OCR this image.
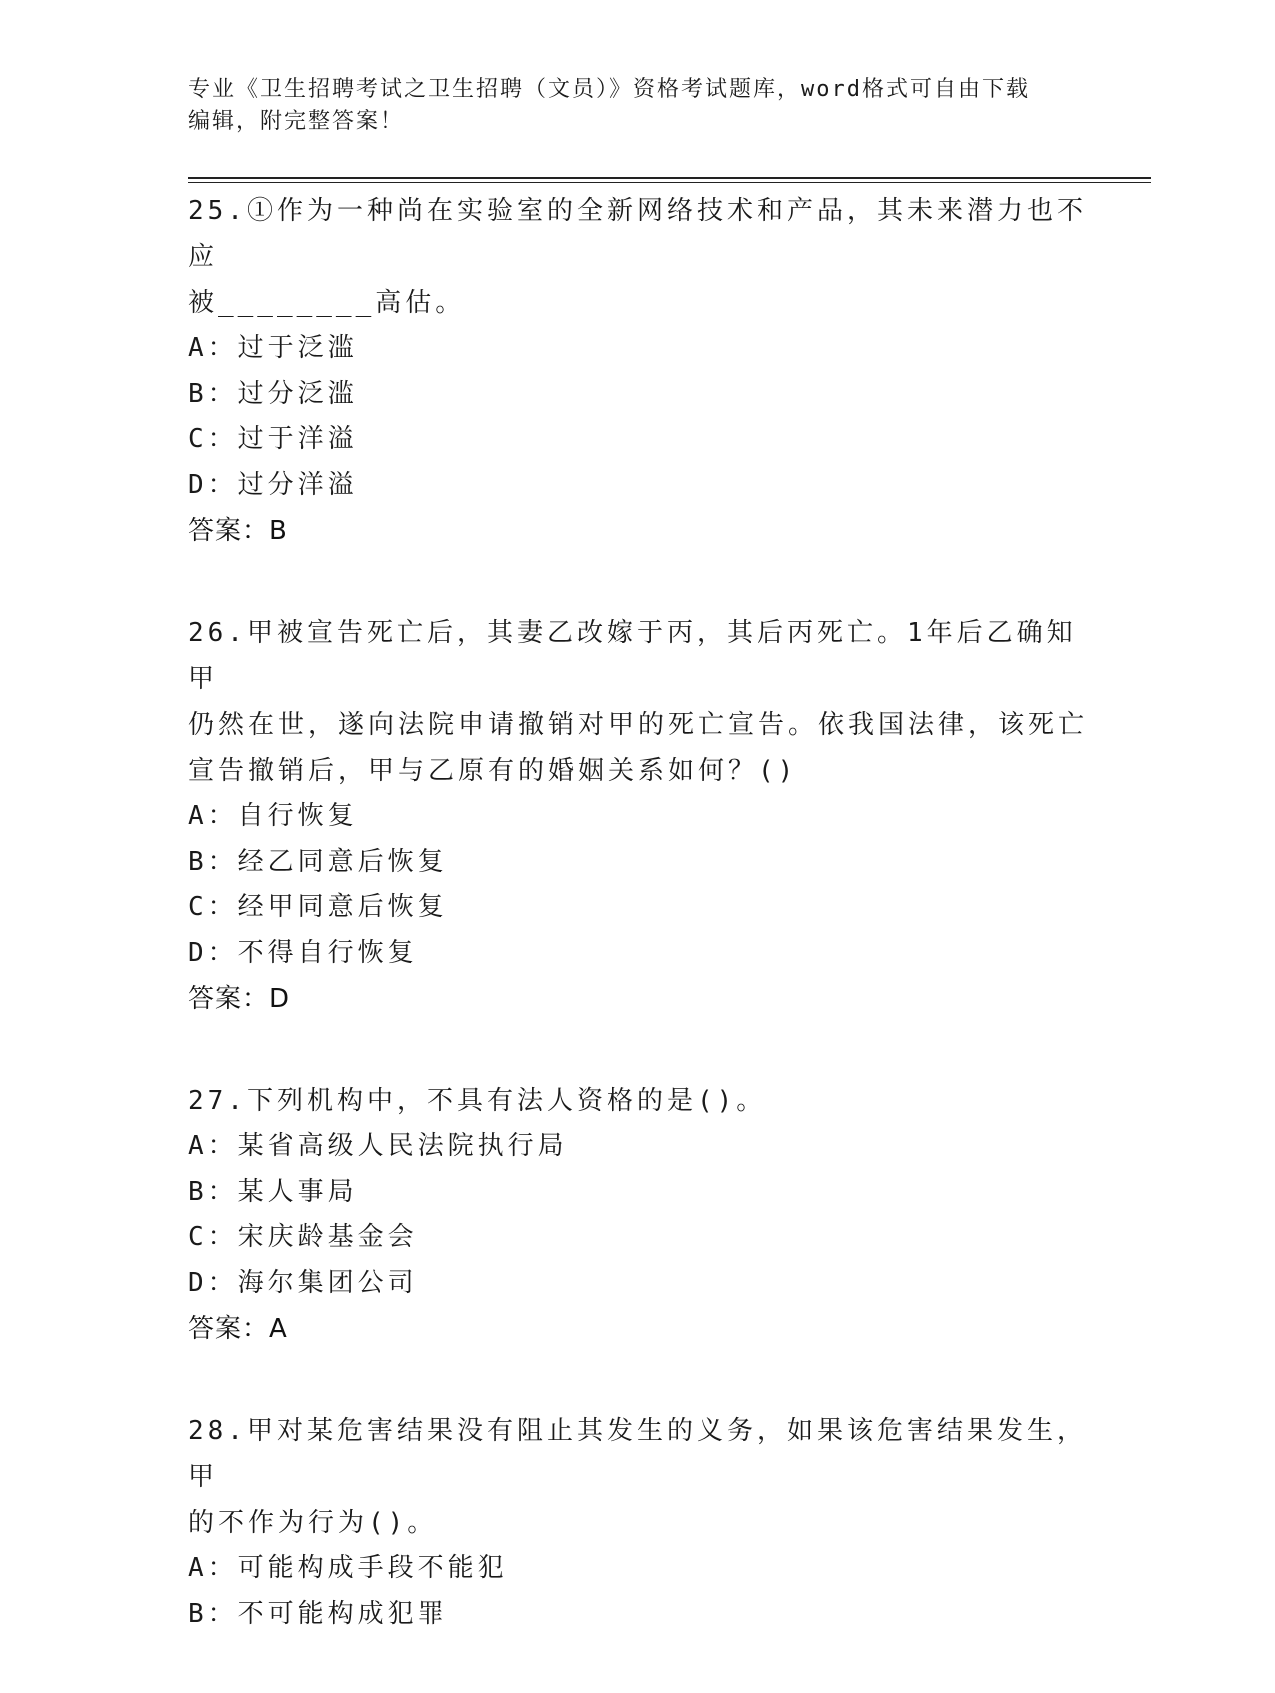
专业《卫生招聘考试之卫生招聘（文员）》资格考试题库，word格式可自由下载
编辑，附完整答案！
25.①作为一种尚在实验室的全新网络技术和产品，其未来潜力也不应
被________高估。
A：过于泛滥
B：过分泛滥
C：过于洋溢
D：过分洋溢
答案：B
26.甲被宣告死亡后，其妻乙改嫁于丙，其后丙死亡。1年后乙确知甲
仍然在世，遂向法院申请撤销对甲的死亡宣告。依我国法律，该死亡
宣告撤销后，甲与乙原有的婚姻关系如何？()
A：自行恢复
B：经乙同意后恢复
C：经甲同意后恢复
D：不得自行恢复
答案：D
27.下列机构中，不具有法人资格的是()。
A：某省高级人民法院执行局
B：某人事局
C：宋庆龄基金会
D：海尔集团公司
答案：A
28.甲对某危害结果没有阻止其发生的义务，如果该危害结果发生，甲
的不作为行为()。
A：可能构成手段不能犯
B：不可能构成犯罪
